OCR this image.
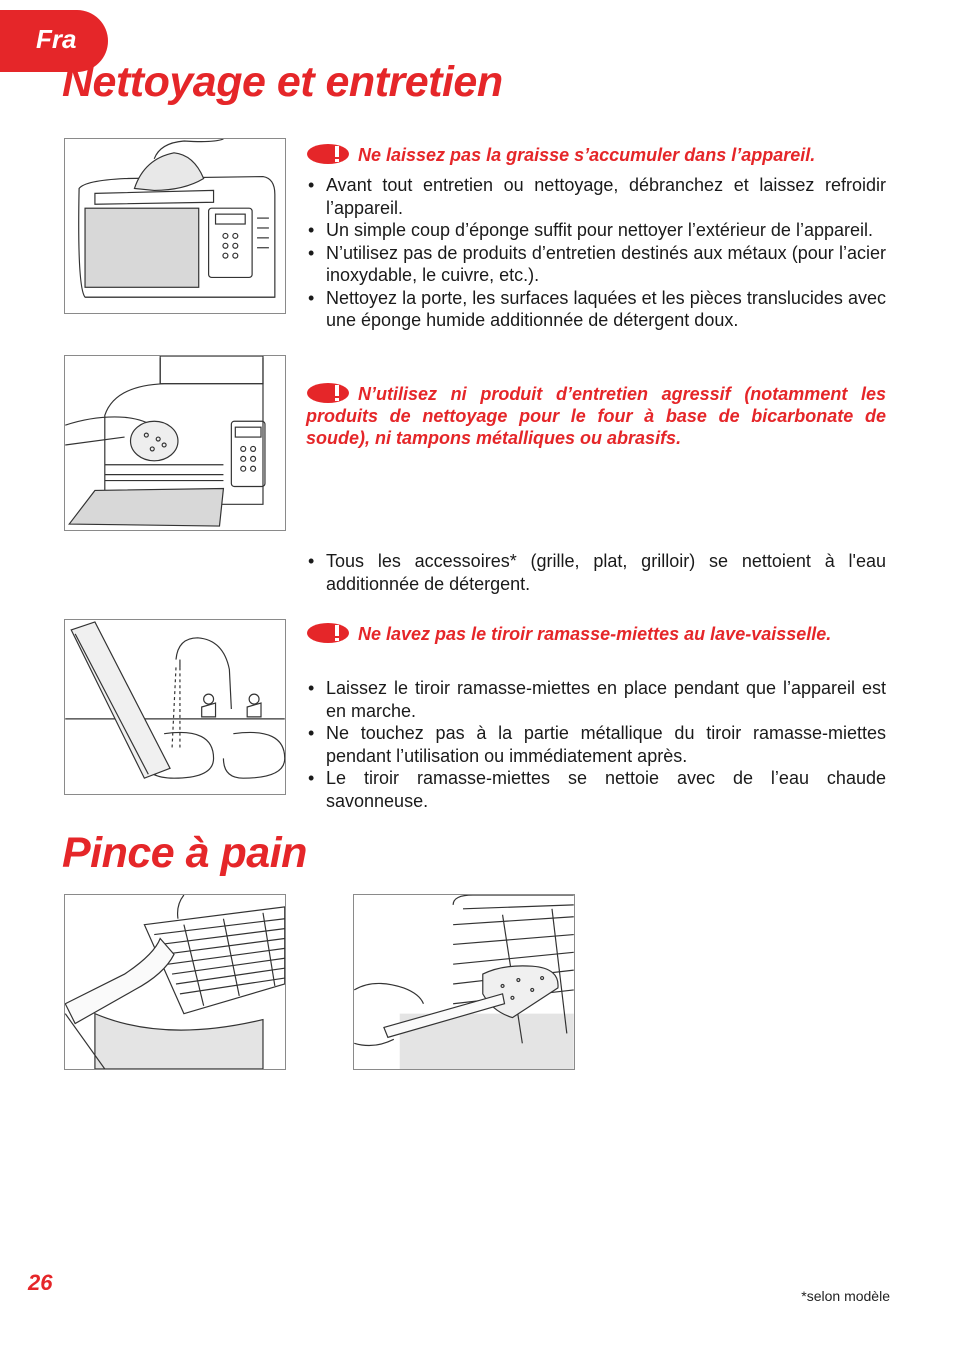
Fra
Nettoyage et entretien

Ne laissez pas la graisse s’accumuler dans l’appareil.

• Avant tout entretien ou nettoyage, débranchez et laissez refroidir l’appareil.
• Un simple coup d’éponge suffit pour nettoyer l’extérieur de l’appareil.
• N’utilisez pas de produits d’entretien destinés aux métaux (pour l’acier inoxydable, le cuivre, etc.).
• Nettoyez la porte, les surfaces laquées et les pièces translucides avec une éponge humide additionnée de détergent doux.

N’utilisez ni produit d’entretien agressif (notamment les produits de nettoyage pour le four à base de bicarbonate de soude), ni tampons métalliques ou abrasifs.

• Tous les accessoires* (grille, plat, grilloir) se nettoient à l'eau additionnée de détergent.

Ne lavez pas le tiroir ramasse-miettes au lave-vaisselle.

• Laissez le tiroir ramasse-miettes en place pendant que l’appareil est en marche.
• Ne touchez pas à la partie métallique du tiroir ramasse-miettes pendant l’utilisation ou immédiatement après.
• Le tiroir ramasse-miettes se nettoie avec de l’eau chaude savonneuse.
Pince à pain
26
*selon modèle
